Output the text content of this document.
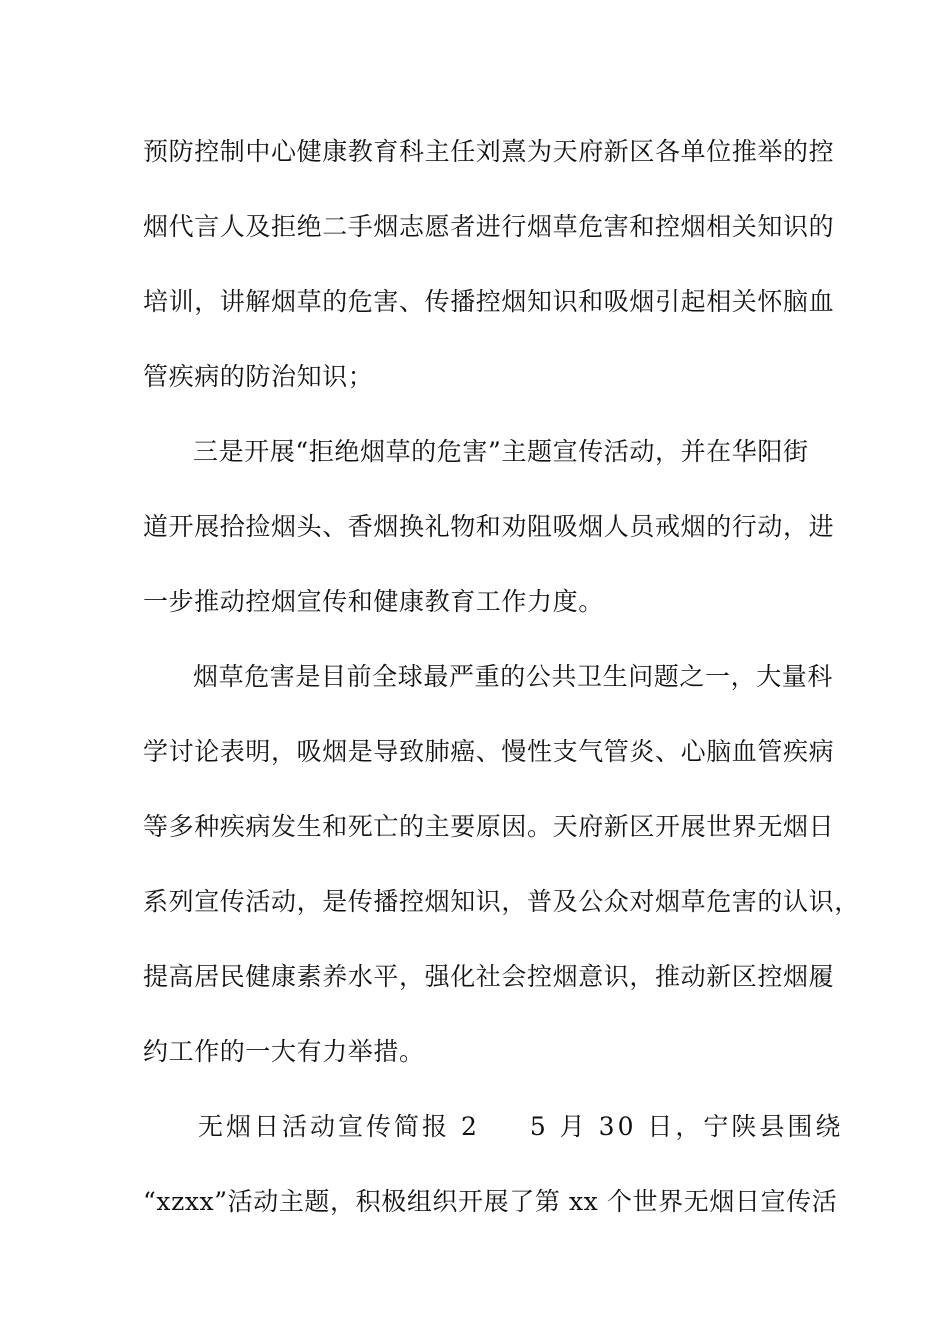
预防控制中心健康教育科主任刘熹为天府新区各单位推举的控
烟代言人及拒绝二手烟志愿者进行烟草危害和控烟相关知识的
培训，讲解烟草的危害、传播控烟知识和吸烟引起相关怀脑血
管疾病的防治知识；
三是开展“拒绝烟草的危害”主题宣传活动，并在华阳街
道开展拾捡烟头、香烟换礼物和劝阻吸烟人员戒烟的行动，进
一步推动控烟宣传和健康教育工作力度。
烟草危害是目前全球最严重的公共卫生问题之一，大量科
学讨论表明，吸烟是导致肺癌、慢性支气管炎、心脑血管疾病
等多种疾病发生和死亡的主要原因。天府新区开展世界无烟日
系列宣传活动，是传播控烟知识，普及公众对烟草危害的认识，
提高居民健康素养水平，强化社会控烟意识，推动新区控烟履
约工作的一大有力举措。
无烟日活动宣传简报 2 5 月 30 日，宁陕县围绕
“xzxx”活动主题，积极组织开展了第 xx 个世界无烟日宣传活
